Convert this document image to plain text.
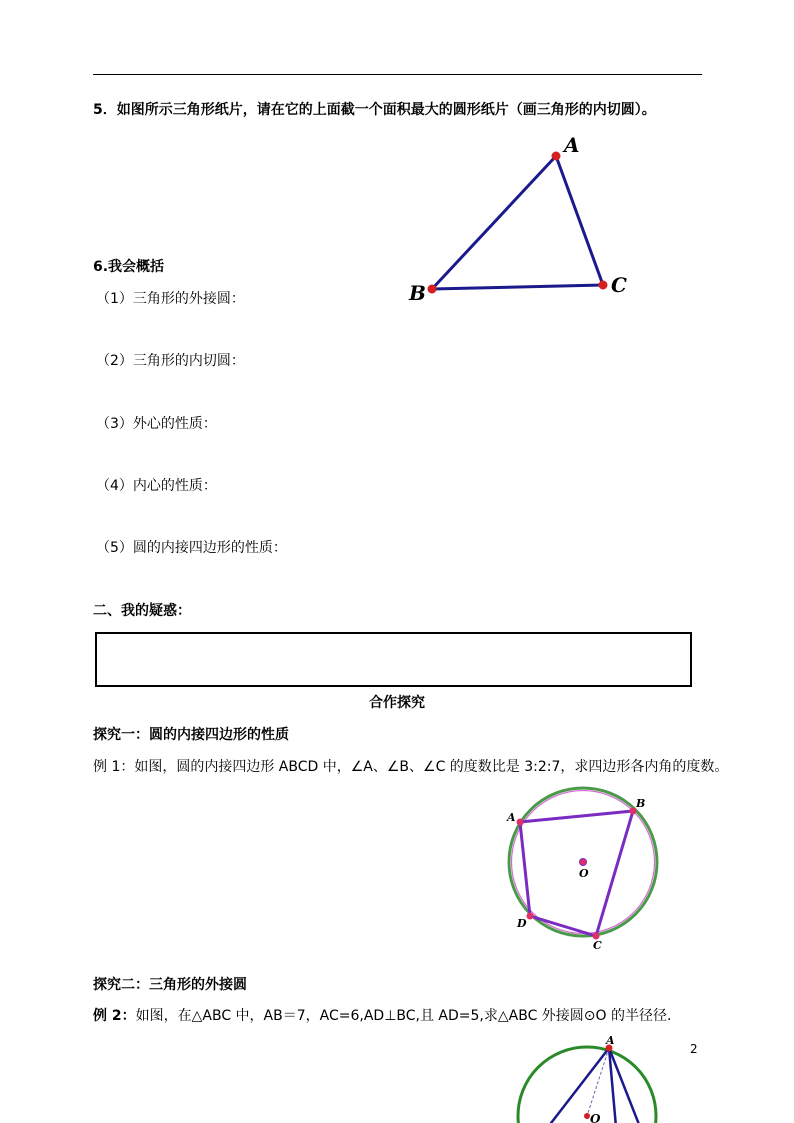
5．如图所示三角形纸片，请在它的上面截一个面积最大的圆形纸片（画三角形的内切圆）。
A
B	C
6.我会概括
（1）三角形的外接圆：
（2）三角形的内切圆：
（3）外心的性质：
（4）内心的性质：
（5）圆的内接四边形的性质：
二、我的疑惑：
合作探究
探究一：圆的内接四边形的性质
例 1：如图，圆的内接四边形 ABCD 中，∠A、∠B、∠C 的度数比是 3:2:7，求四边形各内角的度数。
A
B
C
D
O
探究二：三角形的外接圆
例 2：如图，在△ABC 中，AB＝7，AC=6,AD⊥BC,且 AD=5,求△ABC 外接圆⊙O 的半径径.
2
A
O
